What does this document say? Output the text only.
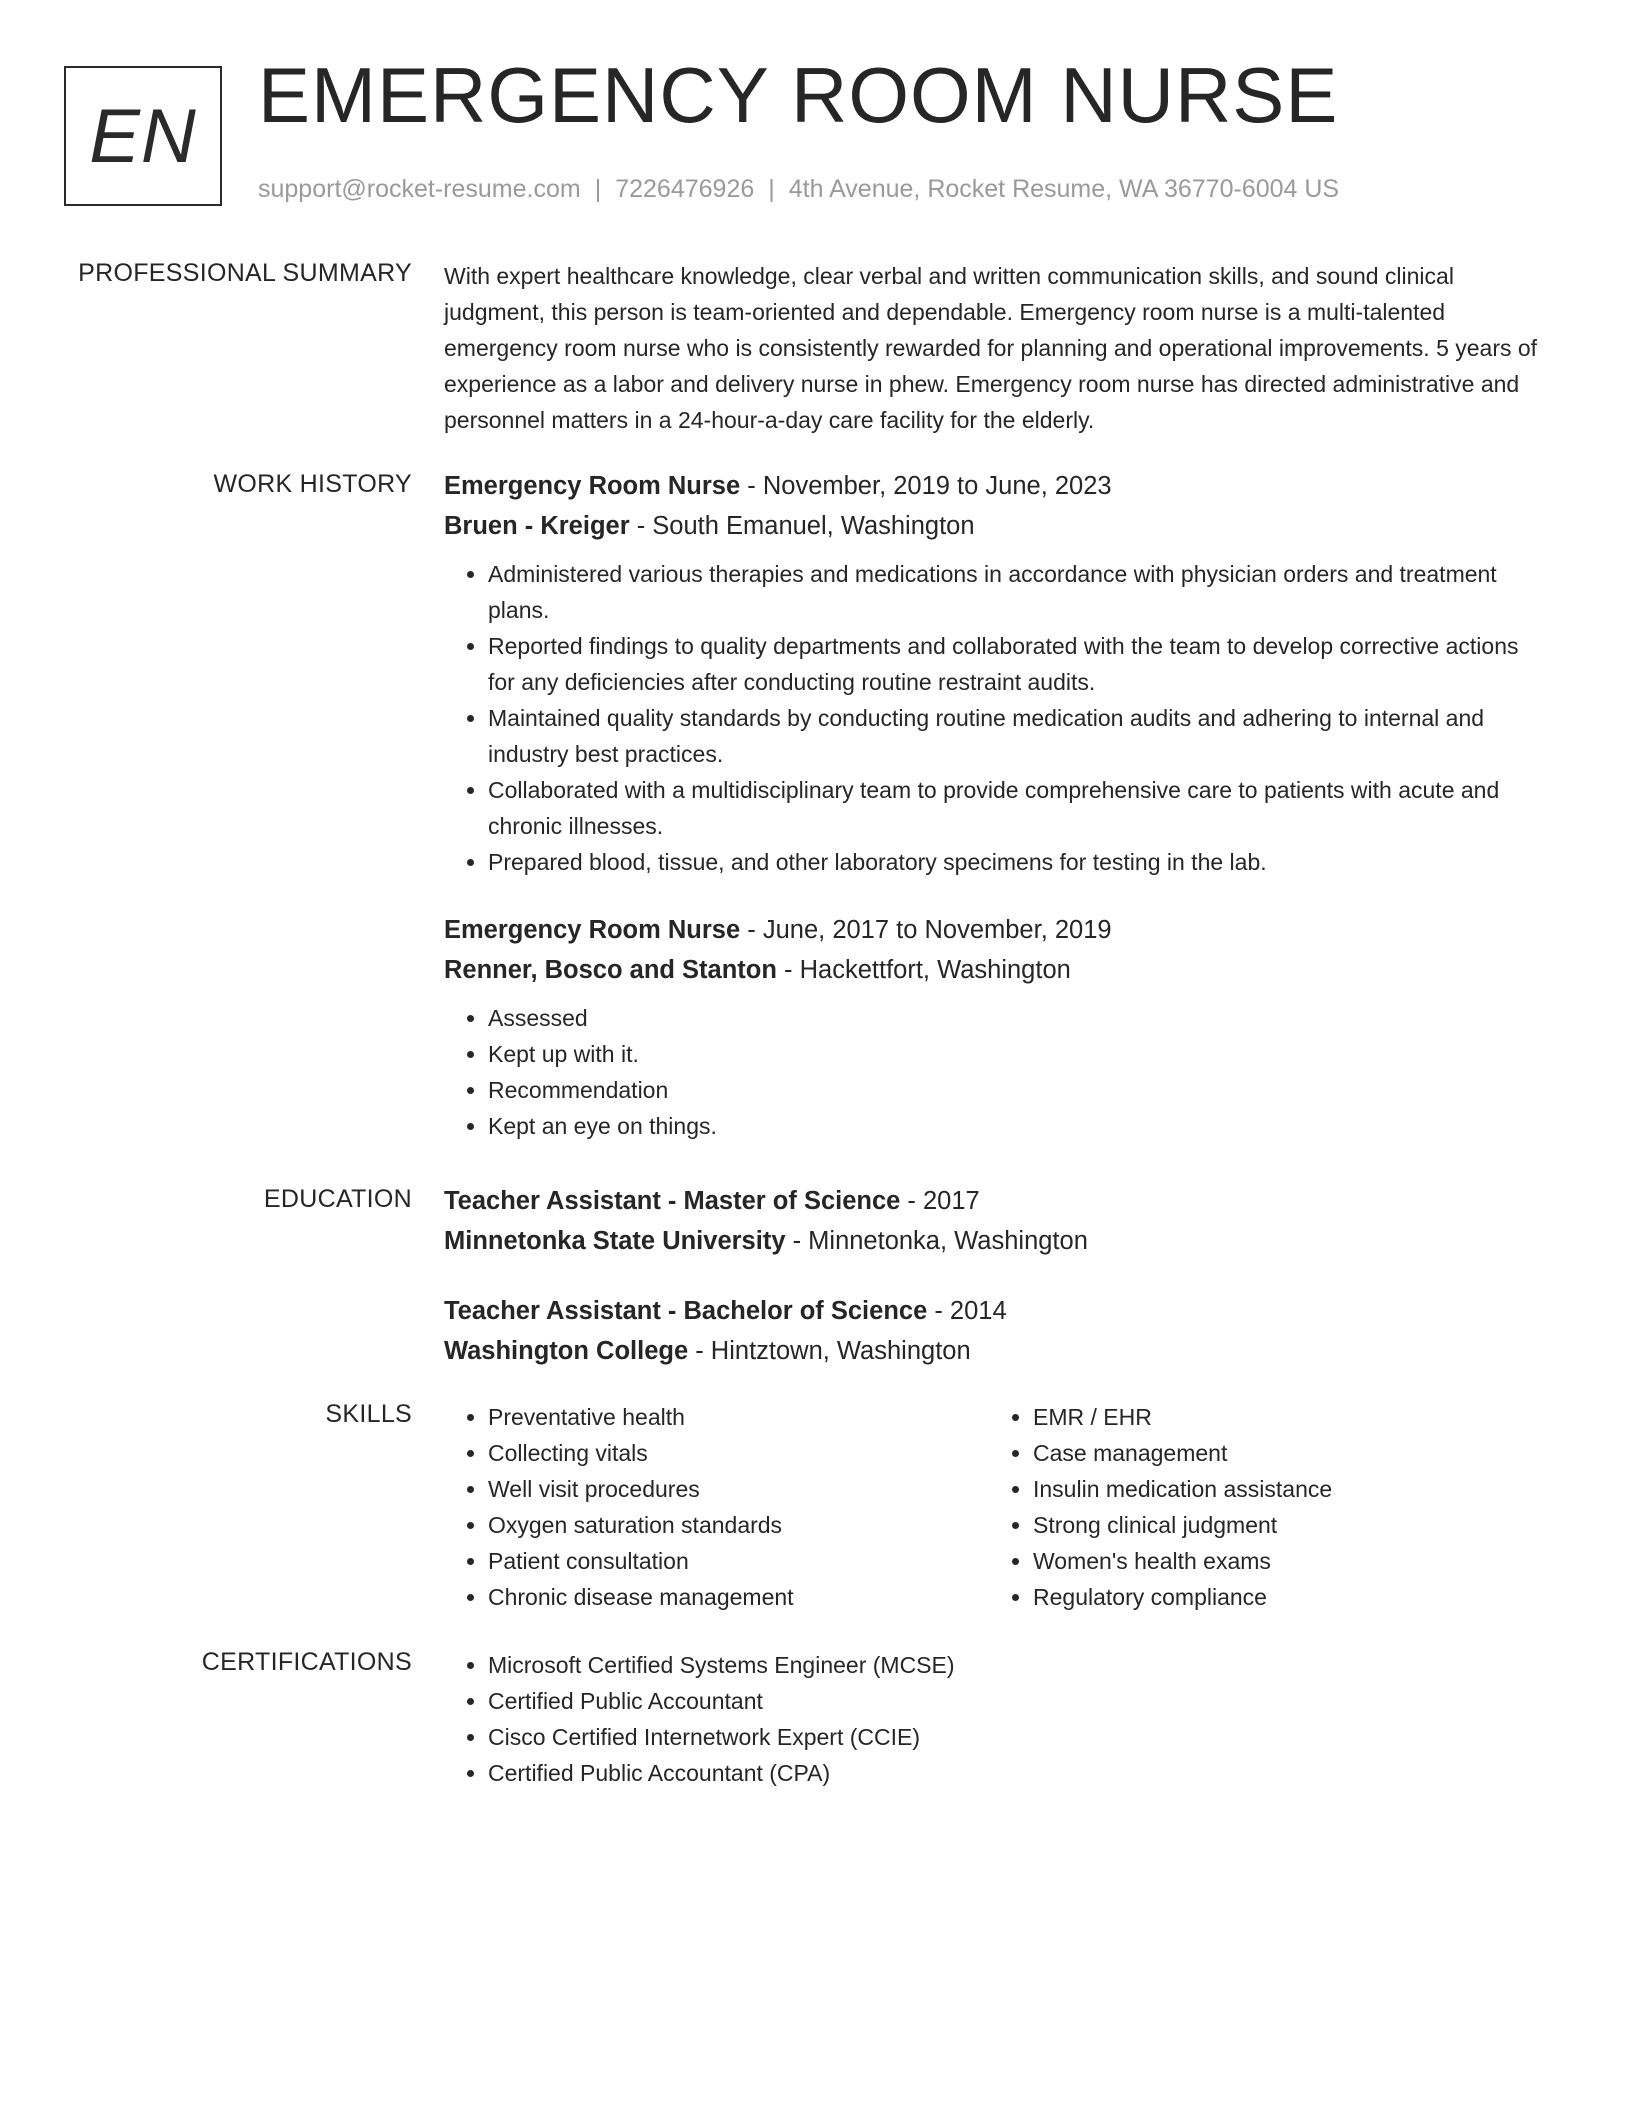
EN EMERGENCY ROOM NURSE
support@rocket-resume.com | 7226476926 | 4th Avenue, Rocket Resume, WA 36770-6004 US
PROFESSIONAL SUMMARY With expert healthcare knowledge, clear verbal and written communication skills, and sound clinical judgment, this person is team-oriented and dependable. Emergency room nurse is a multi-talented emergency room nurse who is consistently rewarded for planning and operational improvements. 5 years of experience as a labor and delivery nurse in phew. Emergency room nurse has directed administrative and personnel matters in a 24-hour-a-day care facility for the elderly.
WORK HISTORY Emergency Room Nurse - November, 2019 to June, 2023
Bruen - Kreiger - South Emanuel, Washington
• Administered various therapies and medications in accordance with physician orders and treatment plans.
• Reported findings to quality departments and collaborated with the team to develop corrective actions for any deficiencies after conducting routine restraint audits.
• Maintained quality standards by conducting routine medication audits and adhering to internal and industry best practices.
• Collaborated with a multidisciplinary team to provide comprehensive care to patients with acute and chronic illnesses.
• Prepared blood, tissue, and other laboratory specimens for testing in the lab.
Emergency Room Nurse - June, 2017 to November, 2019
Renner, Bosco and Stanton - Hackettfort, Washington
• Assessed
• Kept up with it.
• Recommendation
• Kept an eye on things.
EDUCATION Teacher Assistant - Master of Science - 2017
Minnetonka State University - Minnetonka, Washington
Teacher Assistant - Bachelor of Science - 2014
Washington College - Hintztown, Washington
SKILLS	• Preventative health
• Collecting vitals
• Well visit procedures
• Oxygen saturation standards
• Patient consultation
• Chronic disease management
• EMR / EHR
• Case management
• Insulin medication assistance
• Strong clinical judgment
• Women's health exams
• Regulatory compliance
CERTIFICATIONS	• Microsoft Certified Systems Engineer (MCSE)
• Certified Public Accountant
• Cisco Certified Internetwork Expert (CCIE)
• Certified Public Accountant (CPA)
